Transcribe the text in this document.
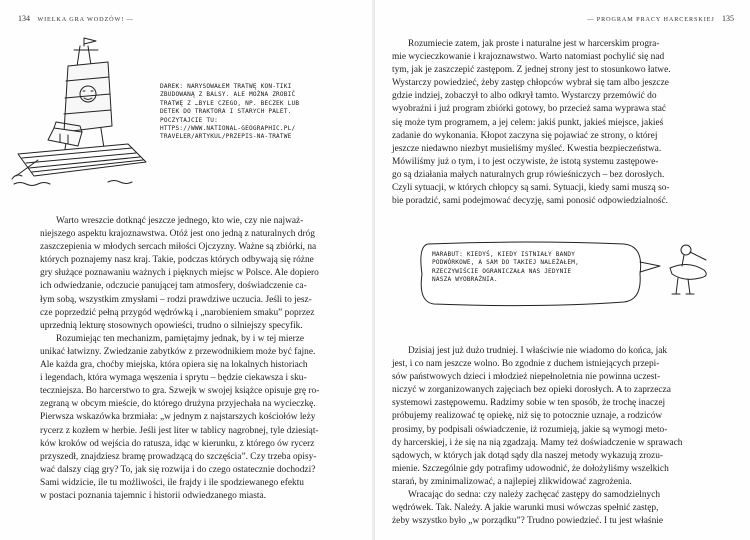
134 WIELKA GRA WODZÓW! —
DAREK: NARYSOWAŁEM TRATWĘ KON-TIKI
ZBUDOWANĄ Z BALSY. ALE MOŻNA ZROBIĆ
TRATWĘ Z …BYLE CZEGO, NP. BECZEK LUB
DETEK DO TRAKTORA I STARYCH PALET.
POCZYTAJCIE TU:
HTTPS://WWW.NATIONAL-GEOGRAPHIC.PL/
TRAVELER/ARTYKUL/PRZEPIS-NA-TRATWE
Warto wreszcie dotknąć jeszcze jednego, kto wie, czy nie najważ-
niejszego aspektu krajoznawstwa. Otóż jest ono jedną z naturalnych dróg
zaszczepienia w młodych sercach miłości Ojczyzny. Ważne są zbiórki, na
których poznajemy nasz kraj. Takie, podczas których odbywają się różne
gry służące poznawaniu ważnych i pięknych miejsc w Polsce. Ale dopiero
ich odwiedzanie, odczucie panującej tam atmosfery, doświadczenie ca-
łym sobą, wszystkim zmysłami – rodzi prawdziwe uczucia. Jeśli to jesz-
cze poprzedzić pełną przygód wędrówką i „narobieniem smaku” poprzez
uprzednią lekturę stosownych opowieści, trudno o silniejszy specyfik.
Rozumiejąc ten mechanizm, pamiętajmy jednak, by i w tej mierze
unikać łatwizny. Zwiedzanie zabytków z przewodnikiem może być fajne.
Ale każda gra, choćby miejska, która opiera się na lokalnych historiach
i legendach, która wymaga węszenia i sprytu – będzie ciekawsza i sku-
teczniejsza. Bo harcerstwo to gra. Szwejk w swojej książce opisuje grę ro-
zegraną w obcym mieście, do którego drużyna przyjechała na wycieczkę.
Pierwsza wskazówka brzmiała: „w jednym z najstarszych kościołów leży
rycerz z kozłem w herbie. Jeśli jest liter w tablicy nagrobnej, tyle dziesiąt-
ków kroków od wejścia do ratusza, idąc w kierunku, z którego ów rycerz
przyszedł, znajdziesz bramę prowadzącą do szczęścia”. Czy trzeba opisy-
wać dalszy ciąg gry? To, jak się rozwija i do czego ostatecznie dochodzi?
Sami widzicie, ile tu możliwości, ile frajdy i ile spodziewanego efektu
w postaci poznania tajemnic i historii odwiedzanego miasta.
— PROGRAM PRACY HARCERSKIEJ 135
Rozumiecie zatem, jak proste i naturalne jest w harcerskim progra-
mie wycieczkowanie i krajoznawstwo. Warto natomiast pochylić się nad
tym, jak je zaszczepić zastępom. Z jednej strony jest to stosunkowo łatwe.
Wystarczy powiedzieć, żeby zastęp chłopców wybrał się tam albo jeszcze
gdzie indziej, zobaczył to albo odkrył tamto. Wystarczy przemówić do
wyobraźni i już program zbiórki gotowy, bo przecież sama wyprawa stać
się może tym programem, a jej celem: jakiś punkt, jakieś miejsce, jakieś
zadanie do wykonania. Kłopot zaczyna się pojawiać ze strony, o której
jeszcze niedawno niezbyt musieliśmy myśleć. Kwestia bezpieczeństwa.
Mówiliśmy już o tym, i to jest oczywiste, że istotą systemu zastępowe-
go są działania małych naturalnych grup rówieśniczych – bez dorosłych.
Czyli sytuacji, w których chłopcy są sami. Sytuacji, kiedy sami muszą so-
bie poradzić, sami podejmować decyzję, sami ponosić odpowiedzialność.
MARABUT: KIEDYŚ, KIEDY ISTNIAŁY BANDY
PODWÓRKOWE, A SAM DO TAKIEJ NALEŻAŁEM,
RZECZYWIŚCIE OGRANICZAŁA NAS JEDYNIE
NASZA WYOBRAŹNIA.
Dzisiaj jest już dużo trudniej. I właściwie nie wiadomo do końca, jak
jest, i co nam jeszcze wolno. Bo zgodnie z duchem istniejących przepi-
sów państwowych dzieci i młodzież niepełnoletnia nie powinna uczest-
niczyć w zorganizowanych zajęciach bez opieki dorosłych. A to zaprzecza
systemowi zastępowemu. Radzimy sobie w ten sposób, że trochę inaczej
próbujemy realizować tę opiekę, niż się to potocznie uznaje, a rodziców
prosimy, by podpisali oświadczenie, iż rozumieją, jakie są wymogi meto-
dy harcerskiej, i że się na nią zgadzają. Mamy też doświadczenie w sprawach
sądowych, w których jak dotąd sądy dla naszej metody wykazują zrozu-
mienie. Szczególnie gdy potrafimy udowodnić, że dołożyliśmy wszelkich
starań, by zminimalizować, a najlepiej zlikwidować zagrożenia.
Wracając do sedna: czy należy zachęcać zastępy do samodzielnych
wędrówek. Tak. Należy. A jakie warunki musi wówczas spełnić zastęp,
żeby wszystko było „w porządku”? Trudno powiedzieć. I tu jest właśnie
